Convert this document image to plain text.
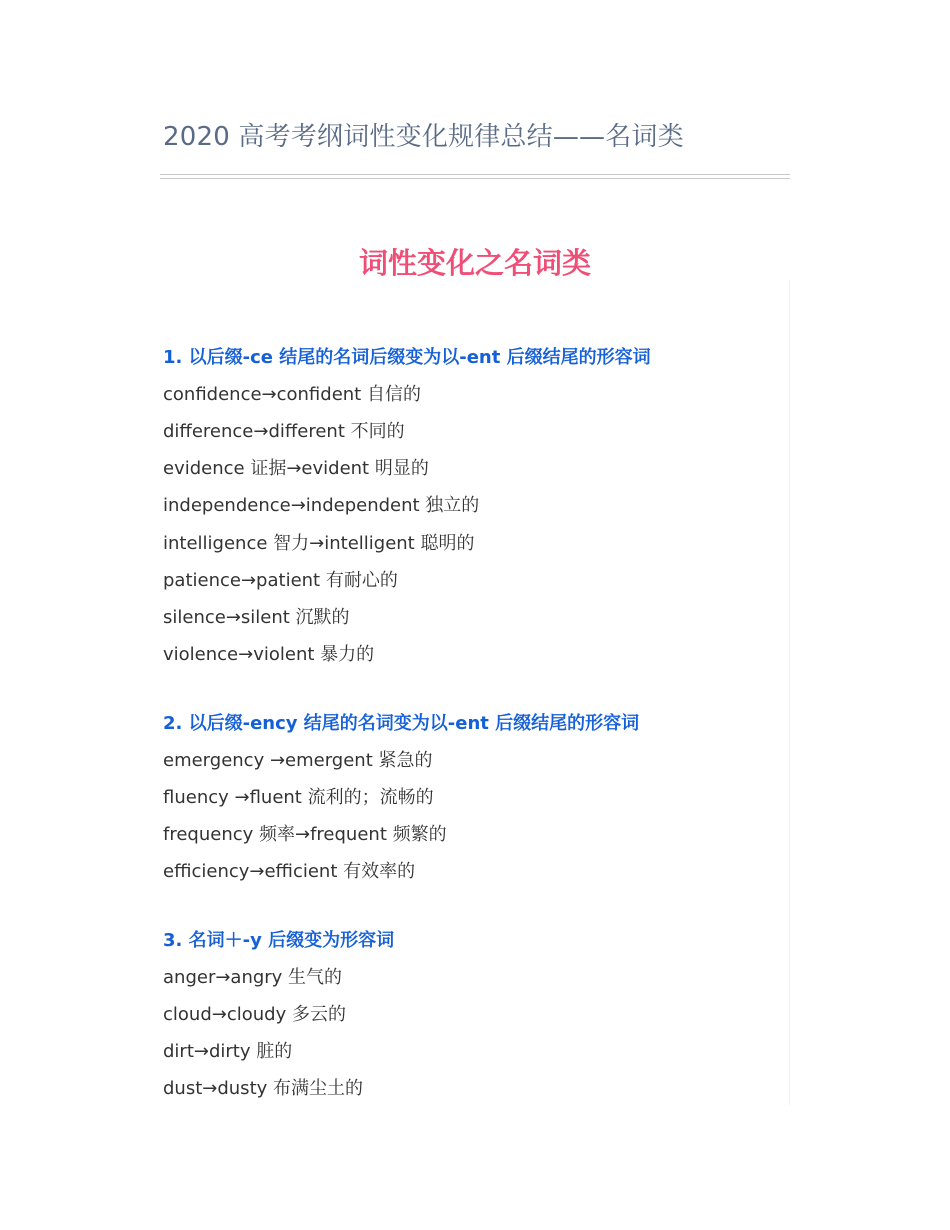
2020 高考考纲词性变化规律总结——名词类
词性变化之名词类
1. 以后缀-ce 结尾的名词后缀变为以-ent 后缀结尾的形容词
confidence→confident 自信的
difference→different 不同的
evidence 证据→evident 明显的
independence→independent 独立的
intelligence 智力→intelligent 聪明的
patience→patient 有耐心的
silence→silent 沉默的
violence→violent 暴力的
2. 以后缀-ency 结尾的名词变为以-ent 后缀结尾的形容词
emergency →emergent 紧急的
fluency →fluent 流利的；流畅的
frequency 频率→frequent 频繁的
efficiency→efficient 有效率的
3. 名词＋-y 后缀变为形容词
anger→angry 生气的
cloud→cloudy 多云的
dirt→dirty 脏的
dust→dusty 布满尘土的
